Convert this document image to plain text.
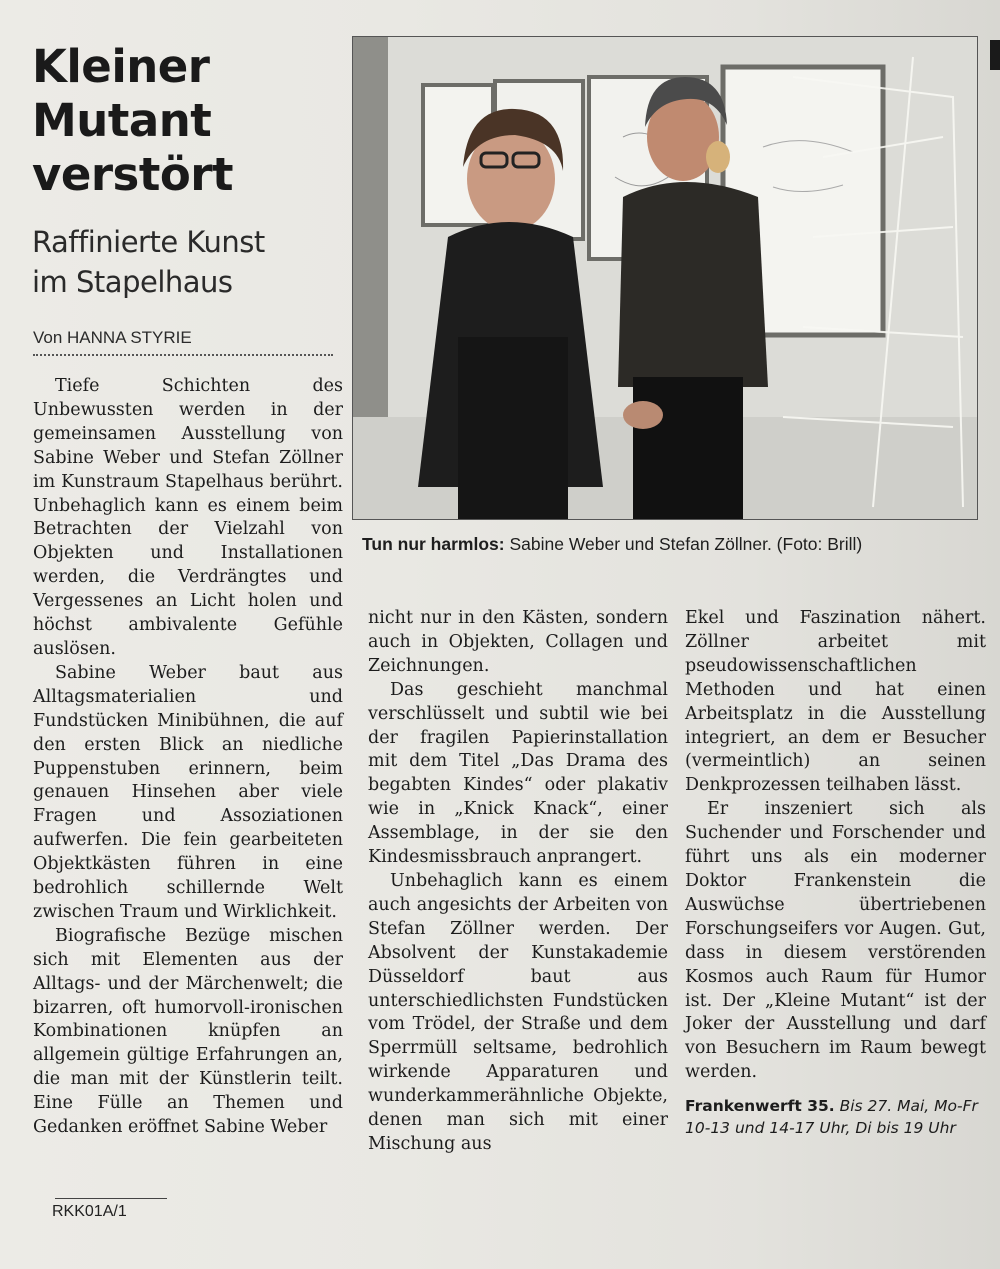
Kleiner
Mutant
verstört
Raffinierte Kunst
im Stapelhaus
Von HANNA STYRIE
Tun nur harmlos: Sabine Weber und Stefan Zöllner. (Foto: Brill)

Tiefe Schichten des Unbewussten werden in der gemeinsamen Ausstellung von Sabine Weber und Stefan Zöllner im Kunstraum Stapelhaus berührt. Unbehaglich kann es einem beim Betrachten der Vielzahl von Objekten und Installationen werden, die Verdrängtes und Vergessenes an Licht holen und höchst ambivalente Gefühle auslösen.

Sabine Weber baut aus Alltagsmaterialien und Fundstücken Minibühnen, die auf den ersten Blick an niedliche Puppenstuben erinnern, beim genauen Hinsehen aber viele Fragen und Assoziationen aufwerfen. Die fein gearbeiteten Objektkästen führen in eine bedrohlich schillernde Welt zwischen Traum und Wirklichkeit.

Biografische Bezüge mischen sich mit Elementen aus der Alltags- und der Märchenwelt; die bizarren, oft humorvoll-ironischen Kombinationen knüpfen an allgemein gültige Erfahrungen an, die man mit der Künstlerin teilt. Eine Fülle an Themen und Gedanken eröffnet Sabine Weber

nicht nur in den Kästen, sondern auch in Objekten, Collagen und Zeichnungen.

Das geschieht manchmal verschlüsselt und subtil wie bei der fragilen Papierinstallation mit dem Titel „Das Drama des begabten Kindes“ oder plakativ wie in „Knick Knack“, einer Assemblage, in der sie den Kindesmissbrauch anprangert.

Unbehaglich kann es einem auch angesichts der Arbeiten von Stefan Zöllner werden. Der Absolvent der Kunstakademie Düsseldorf baut aus unterschiedlichsten Fundstücken vom Trödel, der Straße und dem Sperrmüll seltsame, bedrohlich wirkende Apparaturen und wunderkammerähnliche Objekte, denen man sich mit einer Mischung aus

Ekel und Faszination nähert. Zöllner arbeitet mit pseudowissenschaftlichen Methoden und hat einen Arbeitsplatz in die Ausstellung integriert, an dem er Besucher (vermeintlich) an seinen Denkprozessen teilhaben lässt.

Er inszeniert sich als Suchender und Forschender und führt uns als ein moderner Doktor Frankenstein die Auswüchse übertriebenen Forschungseifers vor Augen. Gut, dass in diesem verstörenden Kosmos auch Raum für Humor ist. Der „Kleine Mutant“ ist der Joker der Ausstellung und darf von Besuchern im Raum bewegt werden.

Frankenwerft 35. Bis 27. Mai, Mo-Fr 10-13 und 14-17 Uhr, Di bis 19 Uhr
RKK01A/1
